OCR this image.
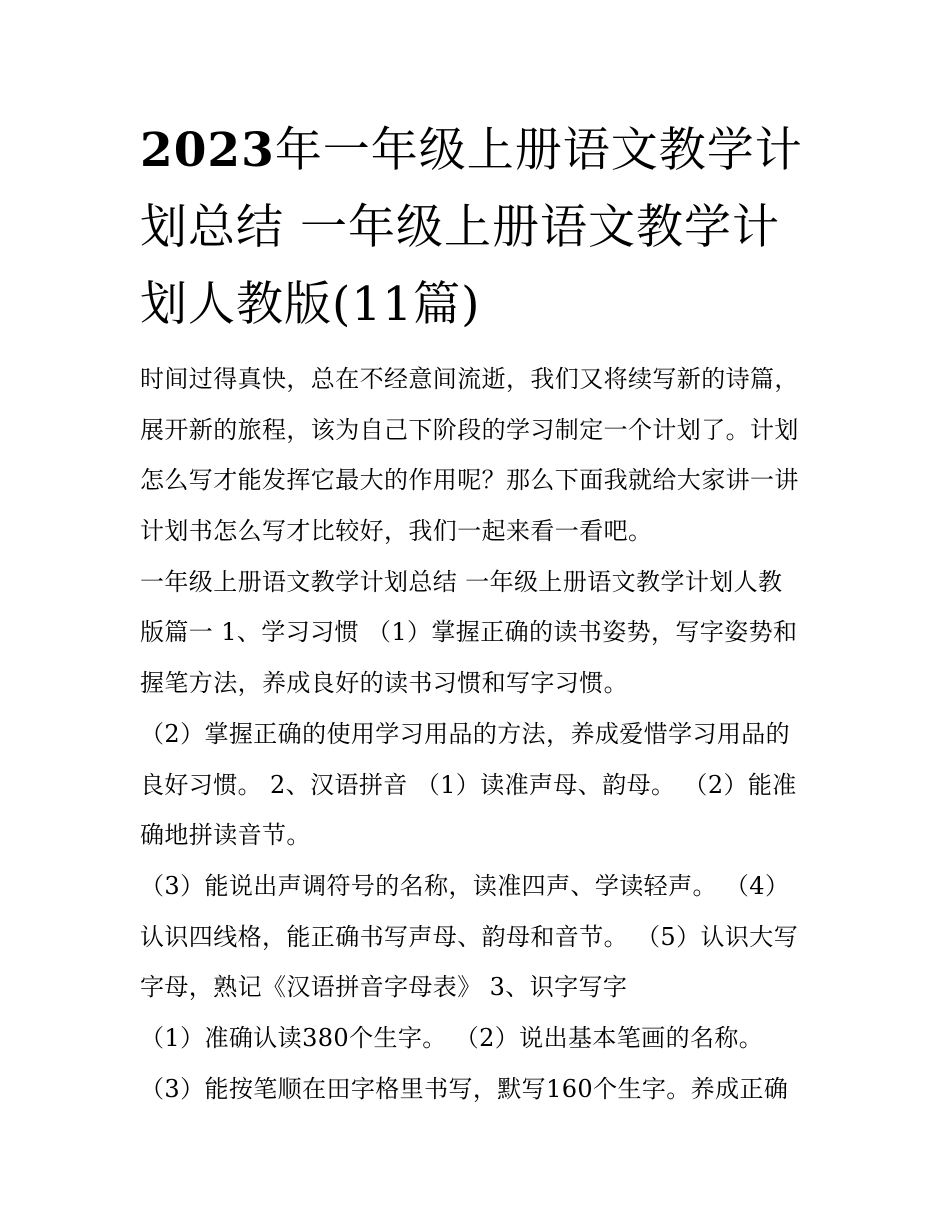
2023年一年级上册语文教学计划总结 一年级上册语文教学计划人教版(11篇)
时间过得真快，总在不经意间流逝，我们又将续写新的诗篇，
展开新的旅程，该为自己下阶段的学习制定一个计划了。计划
怎么写才能发挥它最大的作用呢？那么下面我就给大家讲一讲
计划书怎么写才比较好，我们一起来看一看吧。
一年级上册语文教学计划总结 一年级上册语文教学计划人教
版篇一 1、学习习惯 （1）掌握正确的读书姿势，写字姿势和
握笔方法，养成良好的读书习惯和写字习惯。
（2）掌握正确的使用学习用品的方法，养成爱惜学习用品的
良好习惯。 2、汉语拼音 （1）读准声母、韵母。 （2）能准
确地拼读音节。
（3）能说出声调符号的名称，读准四声、学读轻声。 （4）
认识四线格，能正确书写声母、韵母和音节。 （5）认识大写
字母，熟记《汉语拼音字母表》 3、识字写字
（1）准确认读380个生字。 （2）说出基本笔画的名称。
（3）能按笔顺在田字格里书写，默写160个生字。养成正确
